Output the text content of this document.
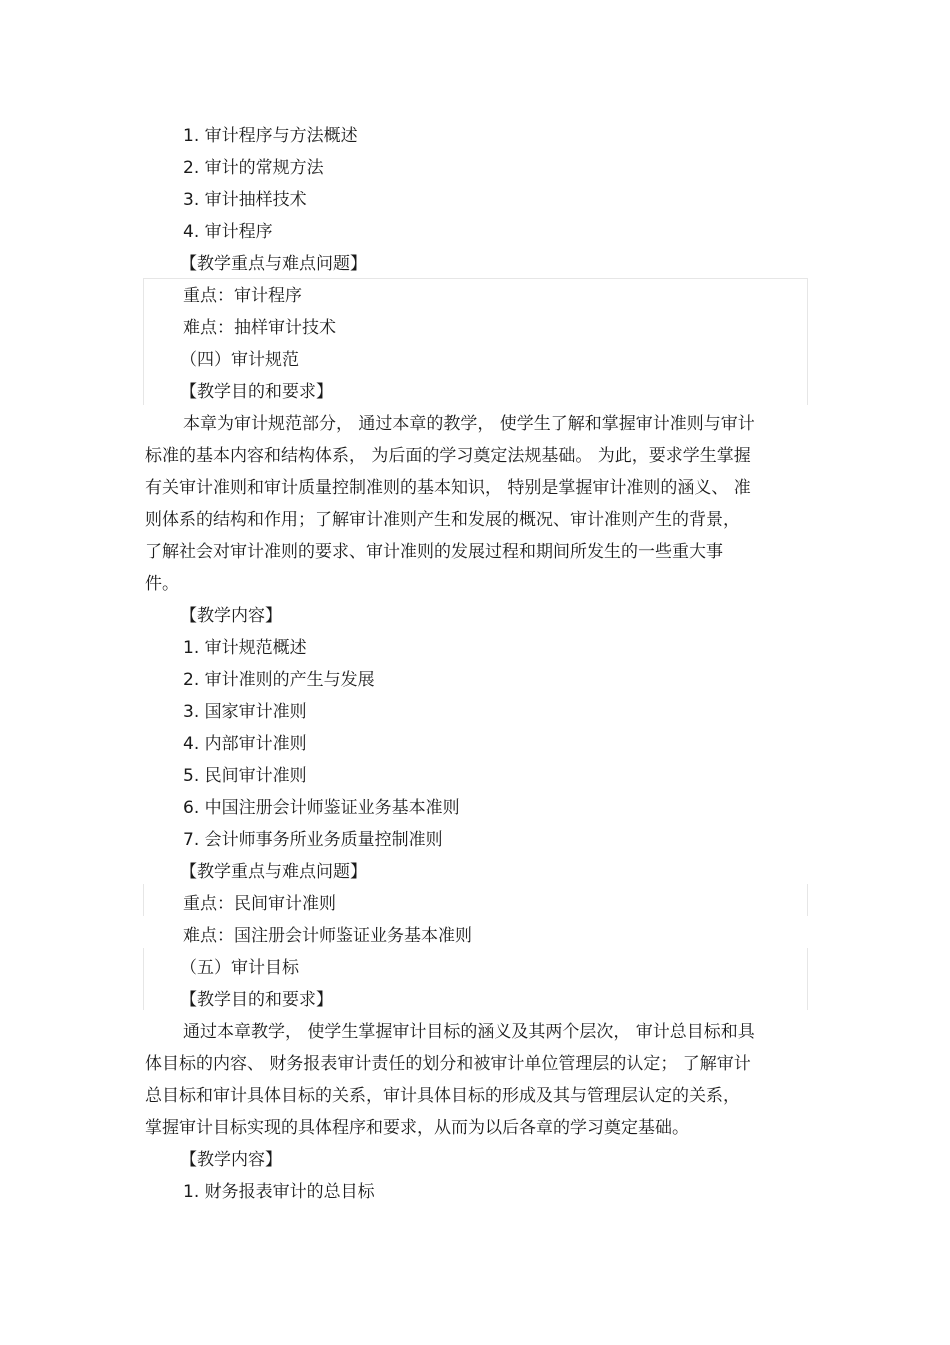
1. 审计程序与方法概述
2. 审计的常规方法
3. 审计抽样技术
4. 审计程序
【教学重点与难点问题】
重点：审计程序
难点：抽样审计技术
（四）审计规范
【教学目的和要求】
本章为审计规范部分， 通过本章的教学， 使学生了解和掌握审计准则与审计
标准的基本内容和结构体系， 为后面的学习奠定法规基础。 为此，要求学生掌握
有关审计准则和审计质量控制准则的基本知识， 特别是掌握审计准则的涵义、 准
则体系的结构和作用；了解审计准则产生和发展的概况、审计准则产生的背景，
了解社会对审计准则的要求、审计准则的发展过程和期间所发生的一些重大事
件。
【教学内容】
1. 审计规范概述
2. 审计准则的产生与发展
3. 国家审计准则
4. 内部审计准则
5. 民间审计准则
6. 中国注册会计师鉴证业务基本准则
7. 会计师事务所业务质量控制准则
【教学重点与难点问题】
重点：民间审计准则
难点：国注册会计师鉴证业务基本准则
（五）审计目标
【教学目的和要求】
通过本章教学， 使学生掌握审计目标的涵义及其两个层次， 审计总目标和具
体目标的内容、 财务报表审计责任的划分和被审计单位管理层的认定； 了解审计
总目标和审计具体目标的关系，审计具体目标的形成及其与管理层认定的关系，
掌握审计目标实现的具体程序和要求，从而为以后各章的学习奠定基础。
【教学内容】
1. 财务报表审计的总目标
